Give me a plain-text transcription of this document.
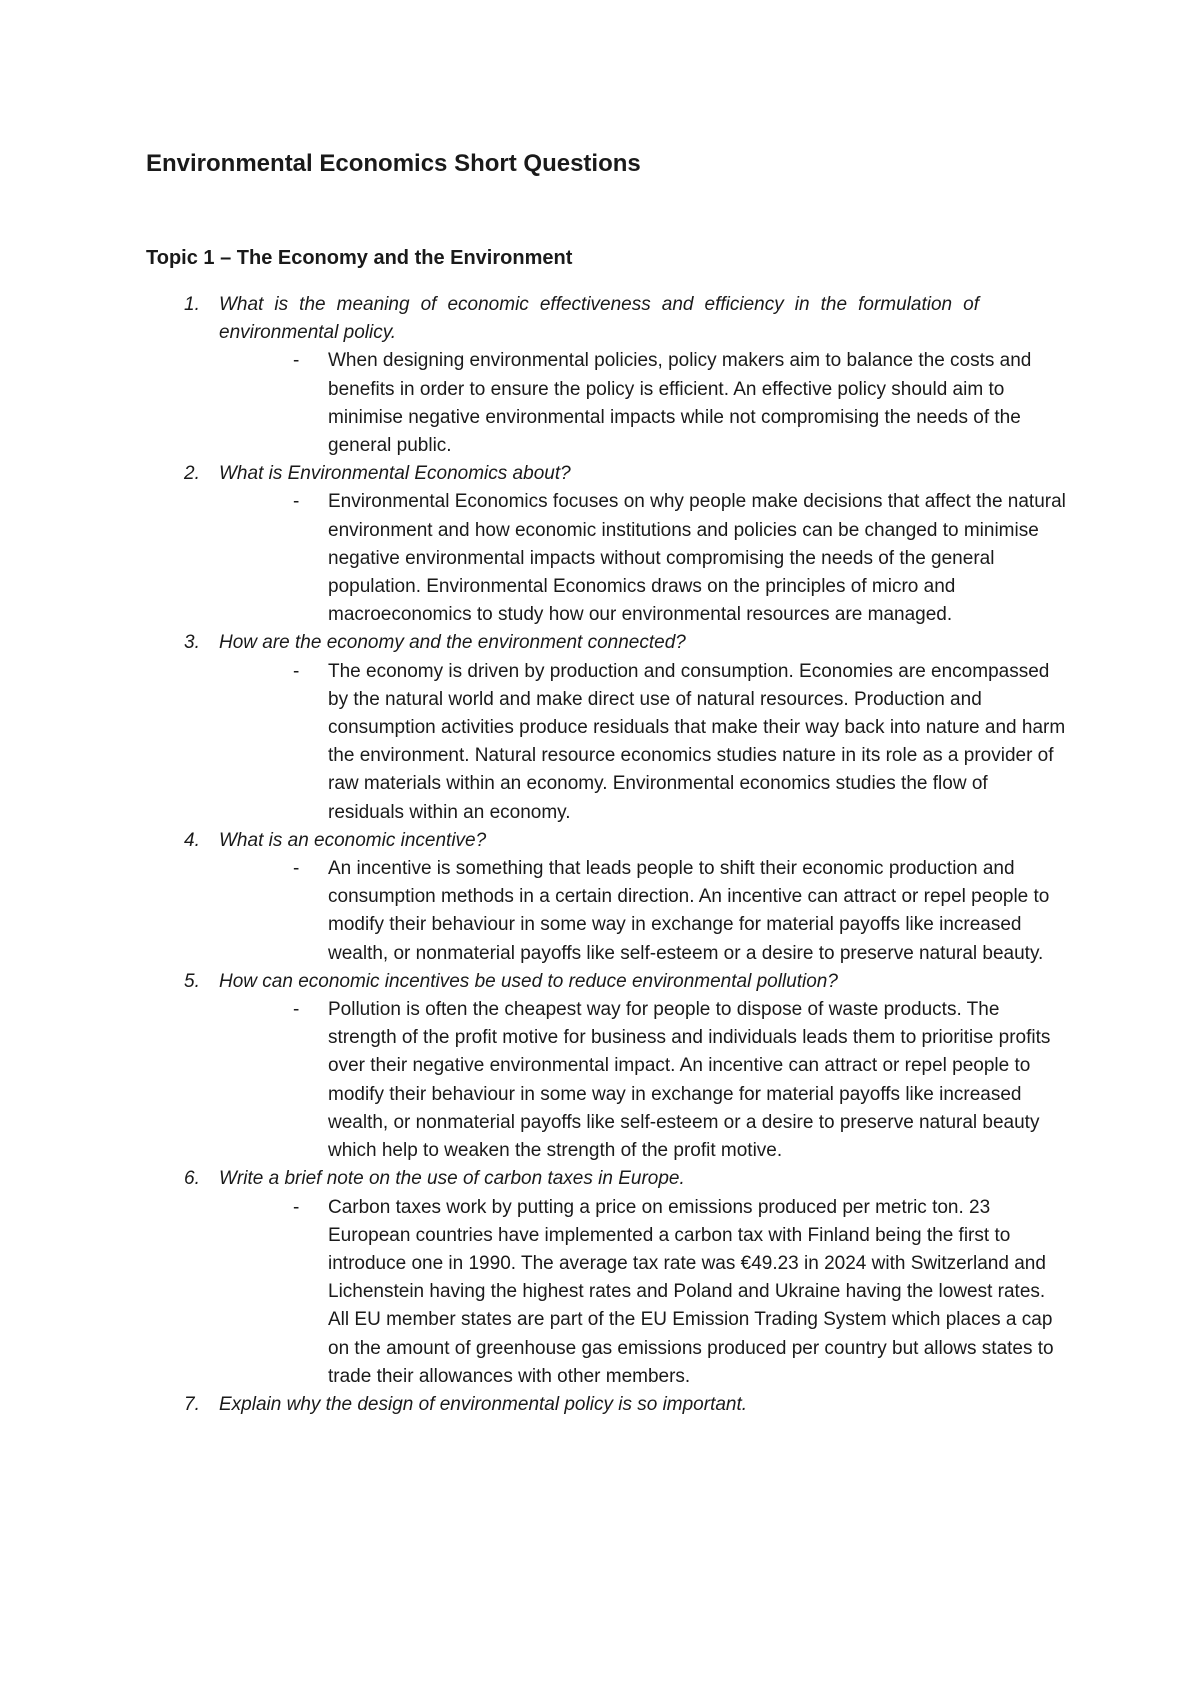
Environmental Economics Short Questions
Topic 1 – The Economy and the Environment
1. What is the meaning of economic effectiveness and efficiency in the formulation of environmental policy.
- When designing environmental policies, policy makers aim to balance the costs and benefits in order to ensure the policy is efficient. An effective policy should aim to minimise negative environmental impacts while not compromising the needs of the general public.
2. What is Environmental Economics about?
- Environmental Economics focuses on why people make decisions that affect the natural environment and how economic institutions and policies can be changed to minimise negative environmental impacts without compromising the needs of the general population. Environmental Economics draws on the principles of micro and macroeconomics to study how our environmental resources are managed.
3. How are the economy and the environment connected?
- The economy is driven by production and consumption. Economies are encompassed by the natural world and make direct use of natural resources. Production and consumption activities produce residuals that make their way back into nature and harm the environment. Natural resource economics studies nature in its role as a provider of raw materials within an economy. Environmental economics studies the flow of residuals within an economy.
4. What is an economic incentive?
- An incentive is something that leads people to shift their economic production and consumption methods in a certain direction. An incentive can attract or repel people to modify their behaviour in some way in exchange for material payoffs like increased wealth, or nonmaterial payoffs like self-esteem or a desire to preserve natural beauty.
5. How can economic incentives be used to reduce environmental pollution?
- Pollution is often the cheapest way for people to dispose of waste products. The strength of the profit motive for business and individuals leads them to prioritise profits over their negative environmental impact. An incentive can attract or repel people to modify their behaviour in some way in exchange for material payoffs like increased wealth, or nonmaterial payoffs like self-esteem or a desire to preserve natural beauty which help to weaken the strength of the profit motive.
6. Write a brief note on the use of carbon taxes in Europe.
- Carbon taxes work by putting a price on emissions produced per metric ton. 23 European countries have implemented a carbon tax with Finland being the first to introduce one in 1990. The average tax rate was €49.23 in 2024 with Switzerland and Lichenstein having the highest rates and Poland and Ukraine having the lowest rates. All EU member states are part of the EU Emission Trading System which places a cap on the amount of greenhouse gas emissions produced per country but allows states to trade their allowances with other members.
7. Explain why the design of environmental policy is so important.
